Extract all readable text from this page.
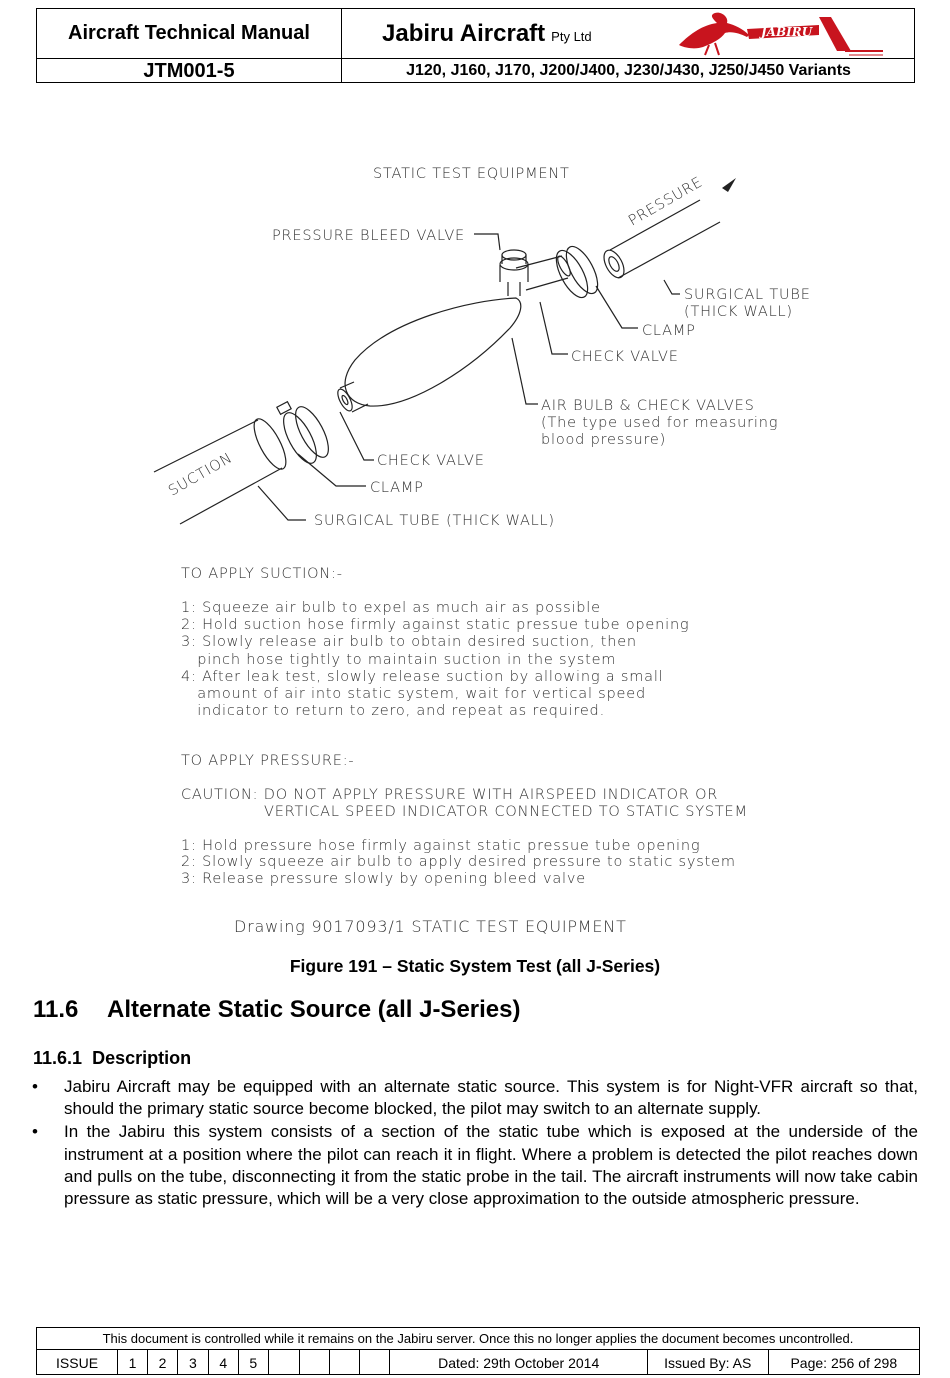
Aircraft Technical Manual	Jabiru Aircraft Pty Ltd	JABIRU
JTM001-5	J120, J160, J170, J200/J400, J230/J430, J250/J450 Variants
STATIC TEST EQUIPMENT
PRESSURE BLEED VALVE
PRESSURE
SURGICAL TUBE
(THICK WALL)
CLAMP
CHECK VALVE
AIR BULB & CHECK VALVES
(The type used for measuring
blood pressure)
SUCTION	CHECK VALVE
CLAMP
SURGICAL TUBE (THICK WALL)
TO APPLY SUCTION:-
1: Squeeze air bulb to expel as much air as possible
2: Hold suction hose firmly against static pressue tube opening
3: Slowly release air bulb to obtain desired suction, then
pinch hose tightly to maintain suction in the system
4: After leak test, slowly release suction by allowing a small
amount of air into static system, wait for vertical speed
indicator to return to zero, and repeat as required.
TO APPLY PRESSURE:-
CAUTION: DO NOT APPLY PRESSURE WITH AIRSPEED INDICATOR OR
VERTICAL SPEED INDICATOR CONNECTED TO STATIC SYSTEM
1: Hold pressure hose firmly against static pressue tube opening
2: Slowly squeeze air bulb to apply desired pressure to static system
3: Release pressure slowly by opening bleed valve
Drawing 9017093/1 STATIC TEST EQUIPMENT
Figure 191 – Static System Test (all J-Series)
11.6 Alternate Static Source (all J-Series)
11.6.1 Description
• Jabiru Aircraft may be equipped with an alternate static source. This system is for Night-VFR aircraft so that, should the primary static source become blocked, the pilot may switch to an alternate supply.
• In the Jabiru this system consists of a section of the static tube which is exposed at the underside of the instrument at a position where the pilot can reach it in flight. Where a problem is detected the pilot reaches down and pulls on the tube, disconnecting it from the static probe in the tail. The aircraft instruments will now take cabin pressure as static pressure, which will be a very close approximation to the outside atmospheric pressure.
This document is controlled while it remains on the Jabiru server. Once this no longer applies the document becomes uncontrolled.
ISSUE	1	2	3	4	5	Dated: 29th October 2014	Issued By: AS	Page: 256 of 298
